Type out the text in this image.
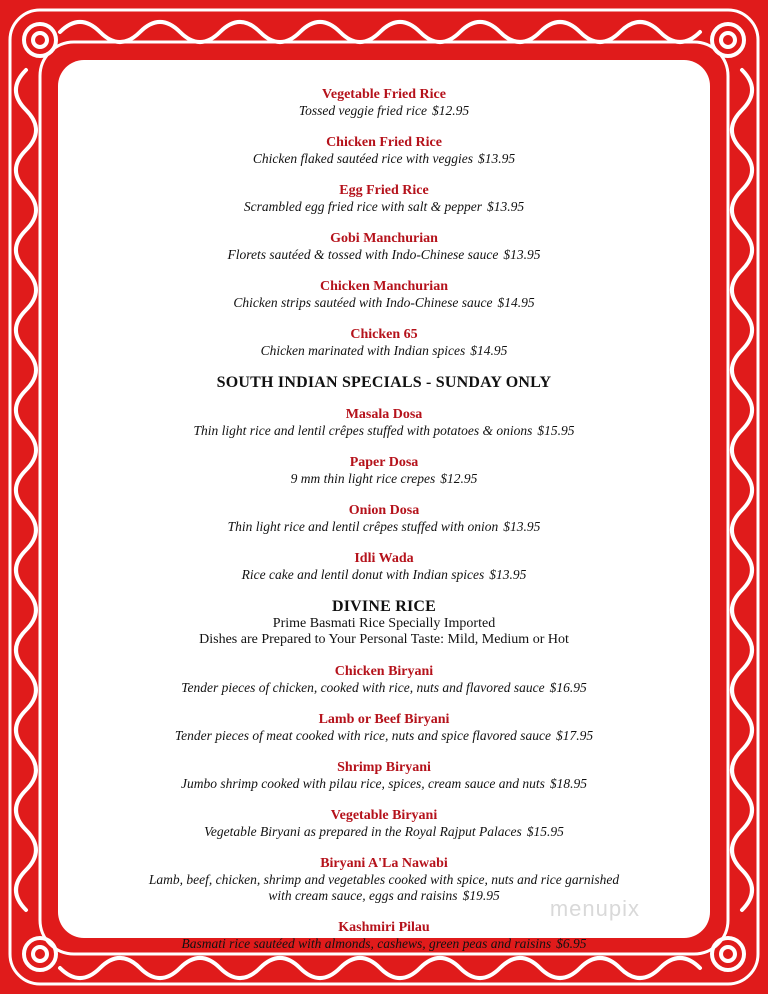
Vegetable Fried Rice
Tossed veggie fried rice $12.95
Chicken Fried Rice
Chicken flaked sautéed rice with veggies $13.95
Egg Fried Rice
Scrambled egg fried rice with salt & pepper $13.95
Gobi Manchurian
Florets sautéed & tossed with Indo-Chinese sauce $13.95
Chicken Manchurian
Chicken strips sautéed with Indo-Chinese sauce $14.95
Chicken 65
Chicken marinated with Indian spices $14.95
SOUTH INDIAN SPECIALS - SUNDAY ONLY
Masala Dosa
Thin light rice and lentil crêpes stuffed with potatoes & onions $15.95
Paper Dosa
9 mm thin light rice crepes $12.95
Onion Dosa
Thin light rice and lentil crêpes stuffed with onion $13.95
Idli Wada
Rice cake and lentil donut with Indian spices $13.95
DIVINE RICE
Prime Basmati Rice Specially Imported
Dishes are Prepared to Your Personal Taste: Mild, Medium or Hot
Chicken Biryani
Tender pieces of chicken, cooked with rice, nuts and flavored sauce $16.95
Lamb or Beef Biryani
Tender pieces of meat cooked with rice, nuts and spice flavored sauce $17.95
Shrimp Biryani
Jumbo shrimp cooked with pilau rice, spices, cream sauce and nuts $18.95
Vegetable Biryani
Vegetable Biryani as prepared in the Royal Rajput Palaces $15.95
Biryani A'La Nawabi
Lamb, beef, chicken, shrimp and vegetables cooked with spice, nuts and rice garnished
with cream sauce, eggs and raisins $19.95
Kashmiri Pilau
Basmati rice sautéed with almonds, cashews, green peas and raisins $6.95
menupix
